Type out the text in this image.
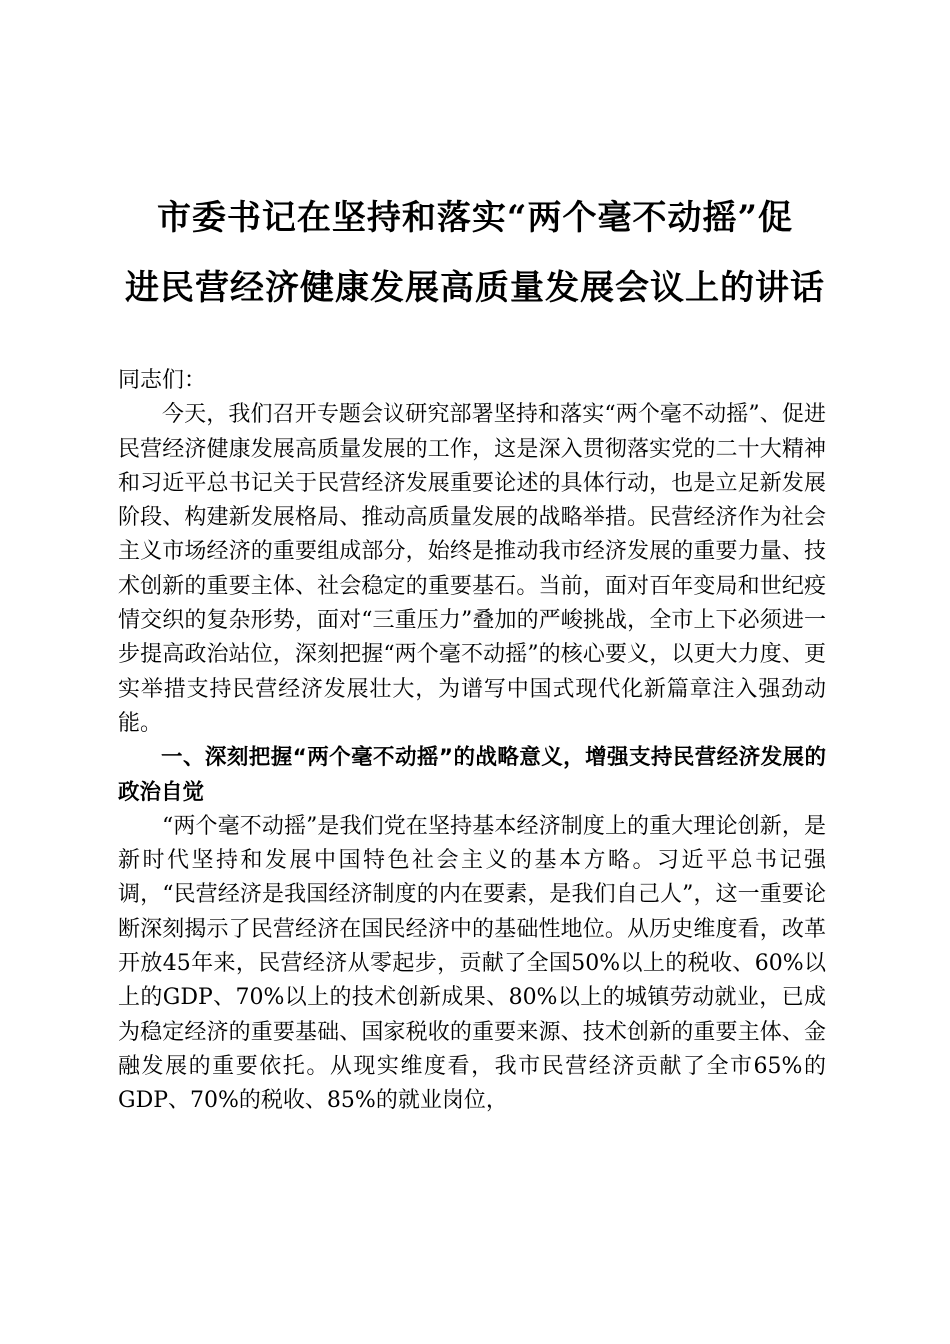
市委书记在坚持和落实“两个毫不动摇”促
进民营经济健康发展高质量发展会议上的讲话

同志们：

今天，我们召开专题会议研究部署坚持和落实“两个毫不动摇”、促进民营经济健康发展高质量发展的工作，这是深入贯彻落实党的二十大精神和习近平总书记关于民营经济发展重要论述的具体行动，也是立足新发展阶段、构建新发展格局、推动高质量发展的战略举措。民营经济作为社会主义市场经济的重要组成部分，始终是推动我市经济发展的重要力量、技术创新的重要主体、社会稳定的重要基石。当前，面对百年变局和世纪疫情交织的复杂形势，面对“三重压力”叠加的严峻挑战，全市上下必须进一步提高政治站位，深刻把握“两个毫不动摇”的核心要义，以更大力度、更实举措支持民营经济发展壮大，为谱写中国式现代化新篇章注入强劲动能。

一、深刻把握“两个毫不动摇”的战略意义，增强支持民营经济发展的政治自觉

“两个毫不动摇”是我们党在坚持基本经济制度上的重大理论创新，是新时代坚持和发展中国特色社会主义的基本方略。习近平总书记强调，“民营经济是我国经济制度的内在要素，是我们自己人”，这一重要论断深刻揭示了民营经济在国民经济中的基础性地位。从历史维度看，改革开放45年来，民营经济从零起步，贡献了全国50%以上的税收、60%以上的GDP、70%以上的技术创新成果、80%以上的城镇劳动就业，已成为稳定经济的重要基础、国家税收的重要来源、技术创新的重要主体、金融发展的重要依托。从现实维度看，我市民营经济贡献了全市65%的GDP、70%的税收、85%的就业岗位，
